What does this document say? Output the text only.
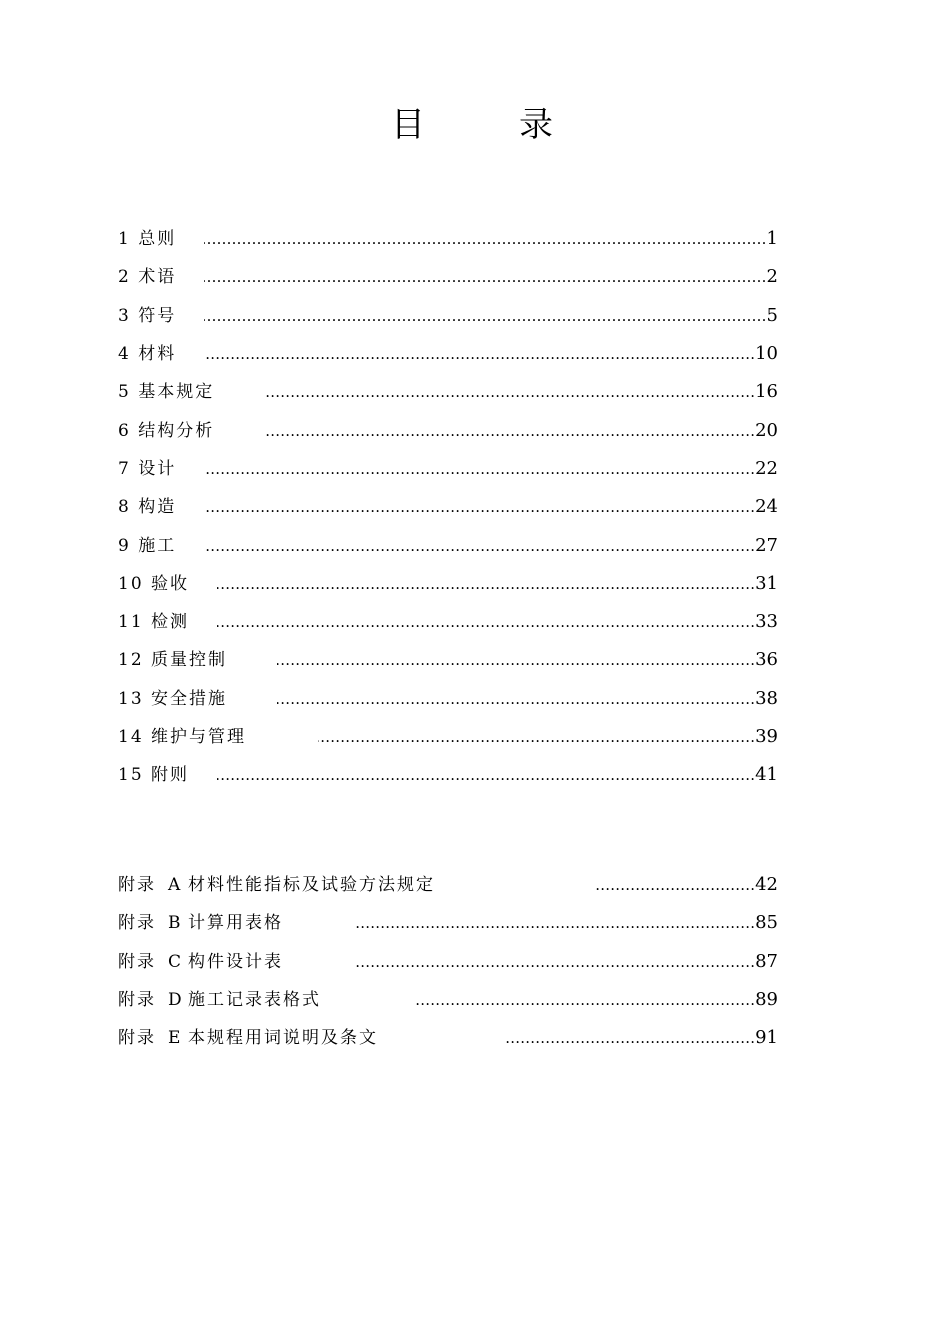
目　录
1 总则 …………………………………………………………………………………………………………………………………………………………………………	1
2 术语 …………………………………………………………………………………………………………………………………………………………………………	2
3 符号 …………………………………………………………………………………………………………………………………………………………………………	5
4 材料 …………………………………………………………………………………………………………………………………………………………………………	10
5 基本规定 …………………………………………………………………………………………………………………………………………………………………………	16
6 结构分析 …………………………………………………………………………………………………………………………………………………………………………	20
7 设计 …………………………………………………………………………………………………………………………………………………………………………	22
8 构造 …………………………………………………………………………………………………………………………………………………………………………	24
9 施工 …………………………………………………………………………………………………………………………………………………………………………	27
10 验收 …………………………………………………………………………………………………………………………………………………………………………	31
11 检测 …………………………………………………………………………………………………………………………………………………………………………	33
12 质量控制 …………………………………………………………………………………………………………………………………………………………………………	36
13 安全措施 …………………………………………………………………………………………………………………………………………………………………………	38
14 维护与管理 …………………………………………………………………………………………………………………………………………………………………………	39
15 附则 …………………………………………………………………………………………………………………………………………………………………………	41
附录 A 材料性能指标及试验方法规定 …………………………………………………………………………………………………………………………………………………………………………	42
附录 B 计算用表格 …………………………………………………………………………………………………………………………………………………………………………	85
附录 C 构件设计表 …………………………………………………………………………………………………………………………………………………………………………	87
附录 D 施工记录表格式 …………………………………………………………………………………………………………………………………………………………………………	89
附录 E 本规程用词说明及条文 …………………………………………………………………………………………………………………………………………………………………………	91
